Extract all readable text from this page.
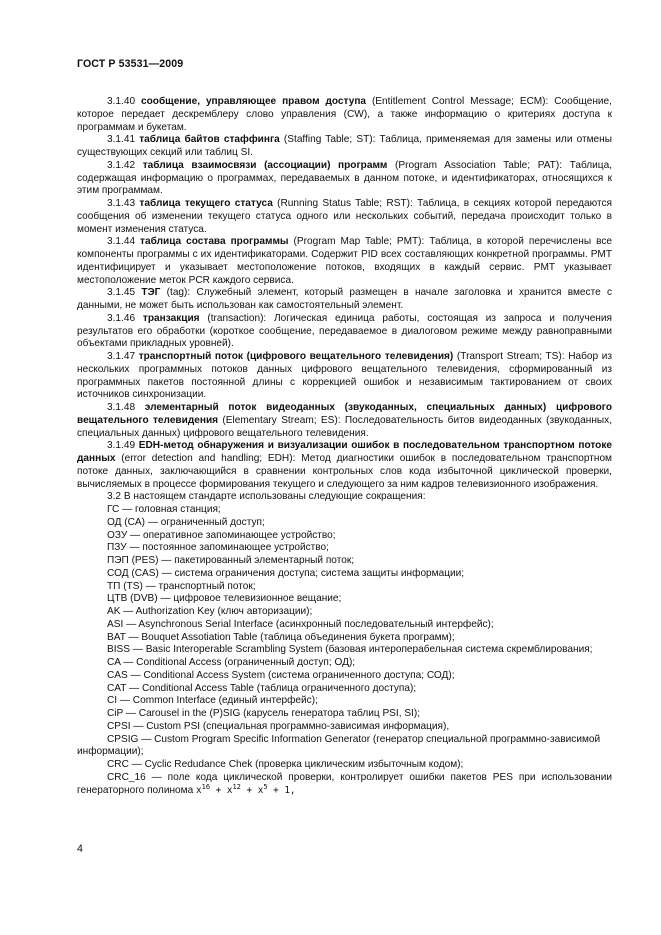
ГОСТ Р 53531—2009

3.1.40 сообщение, управляющее правом доступа (Entitlement Control Message; ЕСМ): Сообщение, которое передает дескремблеру слово управления (CW), а также информацию о критериях доступа к программам и букетам.

3.1.41 таблица байтов стаффинга (Staffing Table; ST): Таблица, применяемая для замены или отмены существующих секций или таблиц SI.

3.1.42 таблица взаимосвязи (ассоциации) программ (Program Association Table; PAT): Таблица, содержащая информацию о программах, передаваемых в данном потоке, и идентификаторах, относящихся к этим программам.

3.1.43 таблица текущего статуса (Running Status Table; RST): Таблица, в секциях которой передаются сообщения об изменении текущего статуса одного или нескольких событий, передача происходит только в момент изменения статуса.

3.1.44 таблица состава программы (Program Map Table; PMT): Таблица, в которой перечислены все компоненты программы с их идентификаторами. Содержит PID всех составляющих конкретной программы. PMT идентифицирует и указывает местоположение потоков, входящих в каждый сервис. PMT указывает местоположение меток PCR каждого сервиса.

3.1.45 ТЭГ (tag): Служебный элемент, который размещен в начале заголовка и хранится вместе с данными, не может быть использован как самостоятельный элемент.

3.1.46 транзакция (transaction): Логическая единица работы, состоящая из запроса и получения результатов его обработки (короткое сообщение, передаваемое в диалоговом режиме между равноправными объектами прикладных уровней).

3.1.47 транспортный поток (цифрового вещательного телевидения) (Transport Stream; TS): Набор из нескольких программных потоков данных цифрового вещательного телевидения, сформированный из программных пакетов постоянной длины с коррекцией ошибок и независимым тактированием от своих источников синхронизации.

3.1.48 элементарный поток видеоданных (звукоданных, специальных данных) цифрового вещательного телевидения (Elementary Stream; ES): Последовательность битов видеоданных (звукоданных, специальных данных) цифрового вещательного телевидения.

3.1.49 EDH-метод обнаружения и визуализации ошибок в последовательном транспортном потоке данных (error detection and handling; EDH): Метод диагностики ошибок в последовательном транспортном потоке данных, заключающийся в сравнении контрольных слов кода избыточной циклической проверки, вычисляемых в процессе формирования текущего и следующего за ним кадров телевизионного изображения.

3.2 В настоящем стандарте использованы следующие сокращения:

ГС — головная станция;

ОД (CA) — ограниченный доступ;

ОЗУ — оперативное запоминающее устройство;

ПЗУ — постоянное запоминающее устройство;

ПЭП (PES) — пакетированный элементарный поток;

СОД (CAS) — система ограничения доступа; система защиты информации;

ТП (TS) — транспортный поток;

ЦТВ (DVB) — цифровое телевизионное вещание;

AK — Authorization Key (ключ авторизации);

ASI — Asynchronous Serial Interface (асинхронный последовательный интерфейс);

BAT — Bouquet Assotiation Table (таблица объединения букета программ);

BISS — Basic Interoperable Scrambling System (базовая интероперабельная система скремблирования;

CA — Conditional Access (ограниченный доступ; ОД);

CAS — Conditional Access System (система ограниченного доступа; СОД);

CAT — Conditional Access Table (таблица ограниченного доступа);

CI — Common Interface (единый интерфейс);

CiP — Carousel in the (P)SIG (карусель генератора таблиц PSI, SI);

CPSI — Custom PSI (специальная программно-зависимая информация),

CPSIG — Custom Program Specific Information Generator (генератор специальной программно-зависимой информации);

CRC — Cyclic Redudance Chek (проверка циклическим избыточным кодом);

CRC_16 — поле кода циклической проверки, контролирует ошибки пакетов PES при использовании генераторного полинома $x^{16} + x^{12} + x^5 + 1$,

4
